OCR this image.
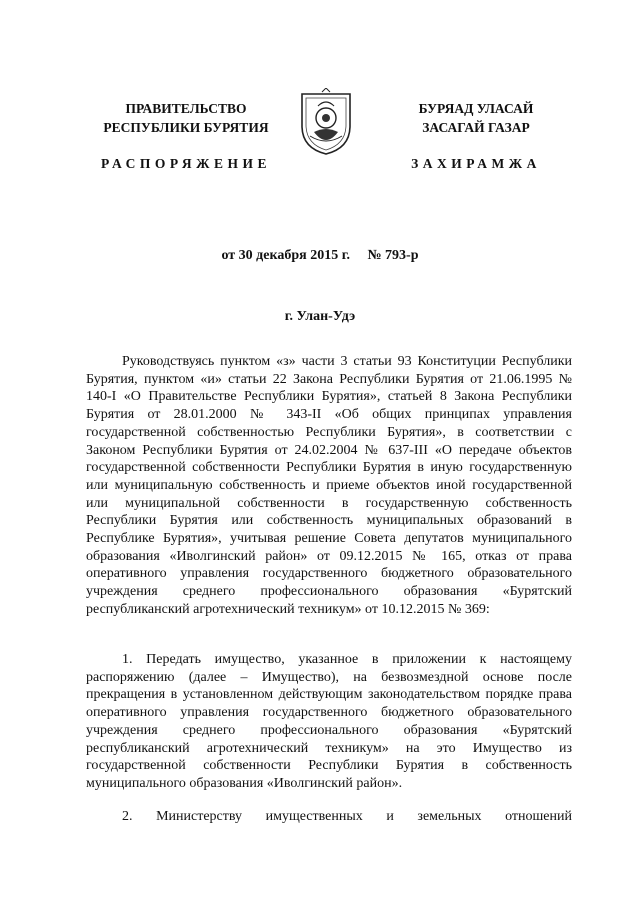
ПРАВИТЕЛЬСТВО
РЕСПУБЛИКИ БУРЯТИЯ
РАСПОРЯЖЕНИЕ
БУРЯАД УЛАСАЙ
ЗАСАГАЙ ГАЗАР
ЗАХИРАМЖА
от 30 декабря 2015 г. № 793-р
г. Улан-Удэ

Руководствуясь пунктом «з» части 3 статьи 93 Конституции Республики Бурятия, пунктом «и» статьи 22 Закона Республики Бурятия от 21.06.1995 № 140-I «О Правительстве Республики Бурятия», статьей 8 Закона Республики Бурятия от 28.01.2000 № 343-II «Об общих принципах управления государственной собственностью Республики Бурятия», в соответствии с Законом Республики Бурятия от 24.02.2004 № 637-III «О передаче объектов государственной собственности Республики Бурятия в иную государственную или муниципальную собственность и приеме объектов иной государственной или муниципальной собственности в государственную собственность Республики Бурятия или собственность муниципальных образований в Республике Бурятия», учитывая решение Совета депутатов муниципального образования «Иволгинский район» от 09.12.2015 № 165, отказ от права оперативного управления государственного бюджетного образовательного учреждения среднего профессионального образования «Бурятский республиканский агротехнический техникум» от 10.12.2015 № 369:

1. Передать имущество, указанное в приложении к настоящему распоряжению (далее – Имущество), на безвозмездной основе после прекращения в установленном действующим законодательством порядке права оперативного управления государственного бюджетного образовательного учреждения среднего профессионального образования «Бурятский республиканский агротехнический техникум» на это Имущество из государственной собственности Республики Бурятия в собственность муниципального образования «Иволгинский район».

2. Министерству имущественных и земельных отношений
